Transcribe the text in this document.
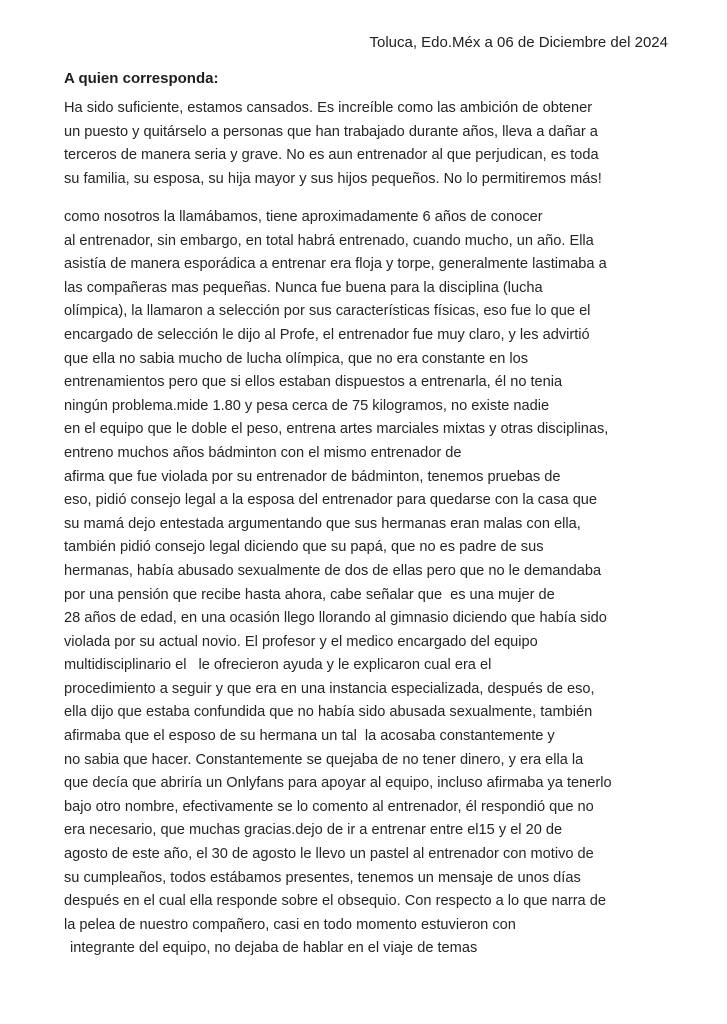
Toluca, Edo.Méx a 06 de Diciembre del 2024
A quien corresponda:
Ha sido suficiente, estamos cansados. Es increíble como las ambición de obtener
un puesto y quitárselo a personas que han trabajado durante años, lleva a dañar a
terceros de manera seria y grave. No es aun entrenador al que perjudican, es toda
su familia, su esposa, su hija mayor y sus hijos pequeños. No lo permitiremos más!
como nosotros la llamábamos, tiene aproximadamente 6 años de conocer
al entrenador, sin embargo, en total habrá entrenado, cuando mucho, un año. Ella
asistía de manera esporádica a entrenar era floja y torpe, generalmente lastimaba a
las compañeras mas pequeñas. Nunca fue buena para la disciplina (lucha
olímpica), la llamaron a selección por sus características físicas, eso fue lo que el
encargado de selección le dijo al Profe, el entrenador fue muy claro, y les advirtió
que ella no sabia mucho de lucha olímpica, que no era constante en los
entrenamientos pero que si ellos estaban dispuestos a entrenarla, él no tenia
ningún problema.mide 1.80 y pesa cerca de 75 kilogramos, no existe nadie
en el equipo que le doble el peso, entrena artes marciales mixtas y otras disciplinas,
entreno muchos años bádminton con el mismo entrenador de
afirma que fue violada por su entrenador de bádminton, tenemos pruebas de
eso, pidió consejo legal a la esposa del entrenador para quedarse con la casa que
su mamá dejo entestada argumentando que sus hermanas eran malas con ella,
también pidió consejo legal diciendo que su papá, que no es padre de sus
hermanas, había abusado sexualmente de dos de ellas pero que no le demandaba
por una pensión que recibe hasta ahora, cabe señalar que es una mujer de
28 años de edad, en una ocasión llego llorando al gimnasio diciendo que había sido
violada por su actual novio. El profesor y el medico encargado del equipo
multidisciplinario el le ofrecieron ayuda y le explicaron cual era el
procedimiento a seguir y que era en una instancia especializada, después de eso,
ella dijo que estaba confundida que no había sido abusada sexualmente, también
afirmaba que el esposo de su hermana un tal la acosaba constantemente y
no sabia que hacer. Constantemente se quejaba de no tener dinero, y era ella la
que decía que abriría un Onlyfans para apoyar al equipo, incluso afirmaba ya tenerlo
bajo otro nombre, efectivamente se lo comento al entrenador, él respondió que no
era necesario, que muchas gracias.dejo de ir a entrenar entre el15 y el 20 de
agosto de este año, el 30 de agosto le llevo un pastel al entrenador con motivo de
su cumpleaños, todos estábamos presentes, tenemos un mensaje de unos días
después en el cual ella responde sobre el obsequio. Con respecto a lo que narra de
la pelea de nuestro compañero, casi en todo momento estuvieron con
integrante del equipo, no dejaba de hablar en el viaje de temas
